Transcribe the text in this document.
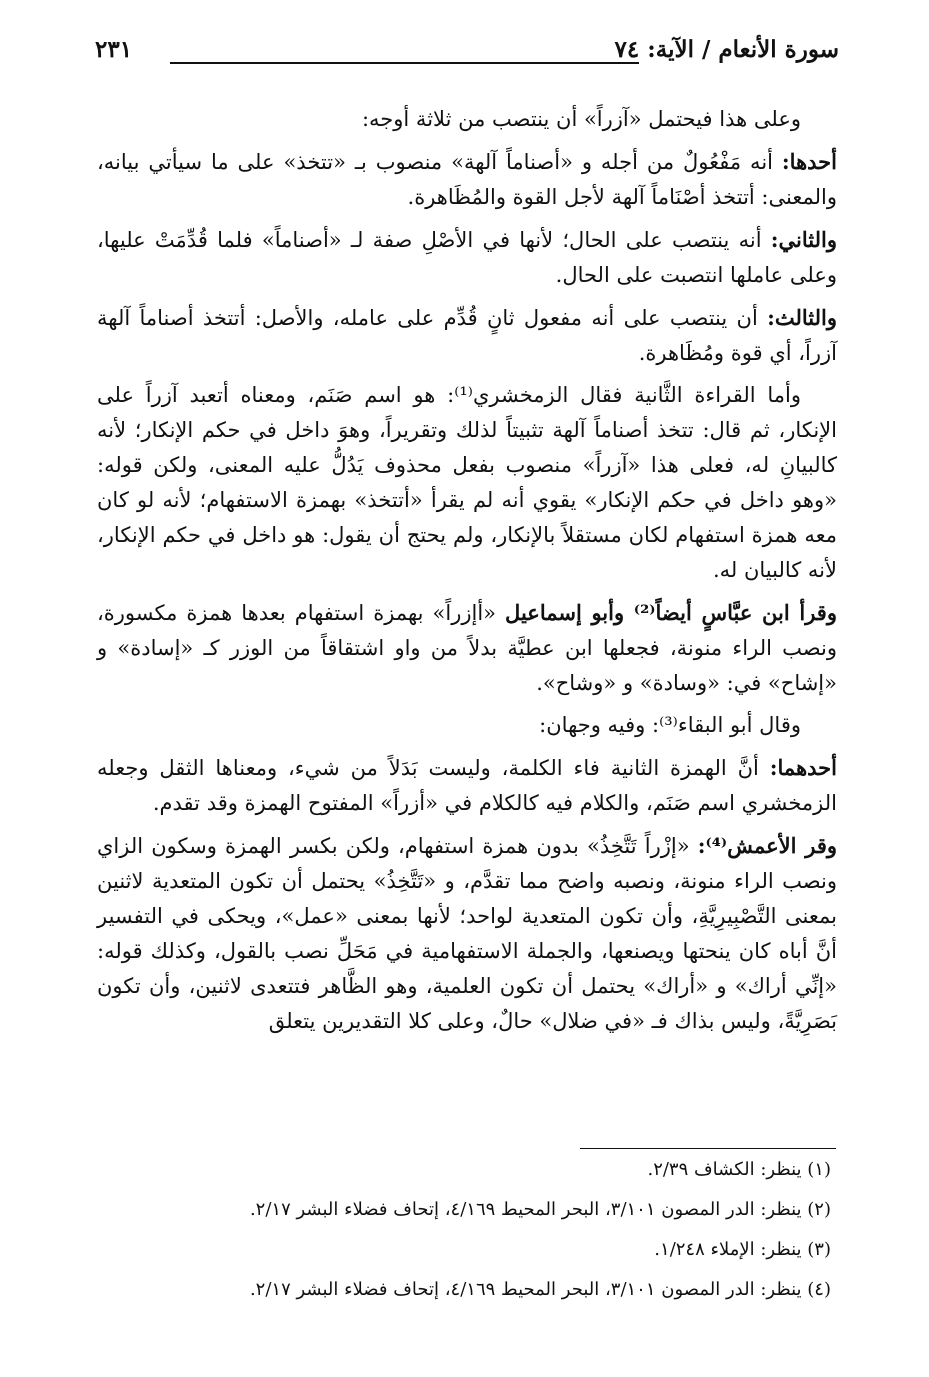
سورة الأنعام / الآية: ٧٤
٢٣١

وعلى هذا فيحتمل «آزراً» أن ينتصب من ثلاثة أوجه:

أحدها: أنه مَفْعُولٌ من أجله و «أصناماً آلهة» منصوب بـ «تتخذ» على ما سيأتي بيانه، والمعنى: أتتخذ أصْنَاماً آلهة لأجل القوة والمُظَاهرة.

والثاني: أنه ينتصب على الحال؛ لأنها في الأصْلِ صفة لـ «أصناماً» فلما قُدِّمَتْ عليها، وعلى عاملها انتصبت على الحال.

والثالث: أن ينتصب على أنه مفعول ثانٍ قُدِّم على عامله، والأصل: أتتخذ أصناماً آلهة آزراً، أي قوة ومُظَاهرة.

وأما القراءة الثَّانية فقال الزمخشري⁽¹⁾: هو اسم صَنَم، ومعناه أتعبد آزراً على الإنكار، ثم قال: تتخذ أصناماً آلهة تثبيتاً لذلك وتقريراً، وهوَ داخل في حكم الإنكار؛ لأنه كالبيانِ له، فعلى هذا «آزراً» منصوب بفعل محذوف يَدُلُّ عليه المعنى، ولكن قوله: «وهو داخل في حكم الإنكار» يقوي أنه لم يقرأ «أتتخذ» بهمزة الاستفهام؛ لأنه لو كان معه همزة استفهام لكان مستقلاً بالإنكار، ولم يحتج أن يقول: هو داخل في حكم الإنكار، لأنه كالبيان له.

وقرأ ابن عبَّاسٍ أيضاً⁽²⁾ وأبو إسماعيل «أإزراً» بهمزة استفهام بعدها همزة مكسورة، ونصب الراء منونة، فجعلها ابن عطيَّة بدلاً من واو اشتقاقاً من الوزر كـ «إسادة» و «إشاح» في: «وسادة» و «وشاح».

وقال أبو البقاء⁽³⁾: وفيه وجهان:

أحدهما: أنَّ الهمزة الثانية فاء الكلمة، وليست بَدَلاً من شيء، ومعناها الثقل وجعله الزمخشري اسم صَنَم، والكلام فيه كالكلام في «أزراً» المفتوح الهمزة وقد تقدم.

وقر الأعمش⁽⁴⁾: «إزْراً تَتَّخِذُ» بدون همزة استفهام، ولكن بكسر الهمزة وسكون الزاي ونصب الراء منونة، ونصبه واضح مما تقدَّم، و «تَتَّخِذُ» يحتمل أن تكون المتعدية لاثنين بمعنى التَّصْبِيرِيَّةِ، وأن تكون المتعدية لواحد؛ لأنها بمعنى «عمل»، ويحكى في التفسير أنَّ أباه كان ينحتها ويصنعها، والجملة الاستفهامية في مَحَلِّ نصب بالقول، وكذلك قوله: «إنِّي أراك» و «أراك» يحتمل أن تكون العلمية، وهو الظَّاهر فتتعدى لاثنين، وأن تكون بَصَرِيَّةً، وليس بذاك فـ «في ضلال» حالٌ، وعلى كلا التقديرين يتعلق

(١) ينظر: الكشاف ٢/٣٩.

(٢) ينظر: الدر المصون ٣/١٠١، البحر المحيط ٤/١٦٩، إتحاف فضلاء البشر ٢/١٧.

(٣) ينظر: الإملاء ١/٢٤٨.

(٤) ينظر: الدر المصون ٣/١٠١، البحر المحيط ٤/١٦٩، إتحاف فضلاء البشر ٢/١٧.
